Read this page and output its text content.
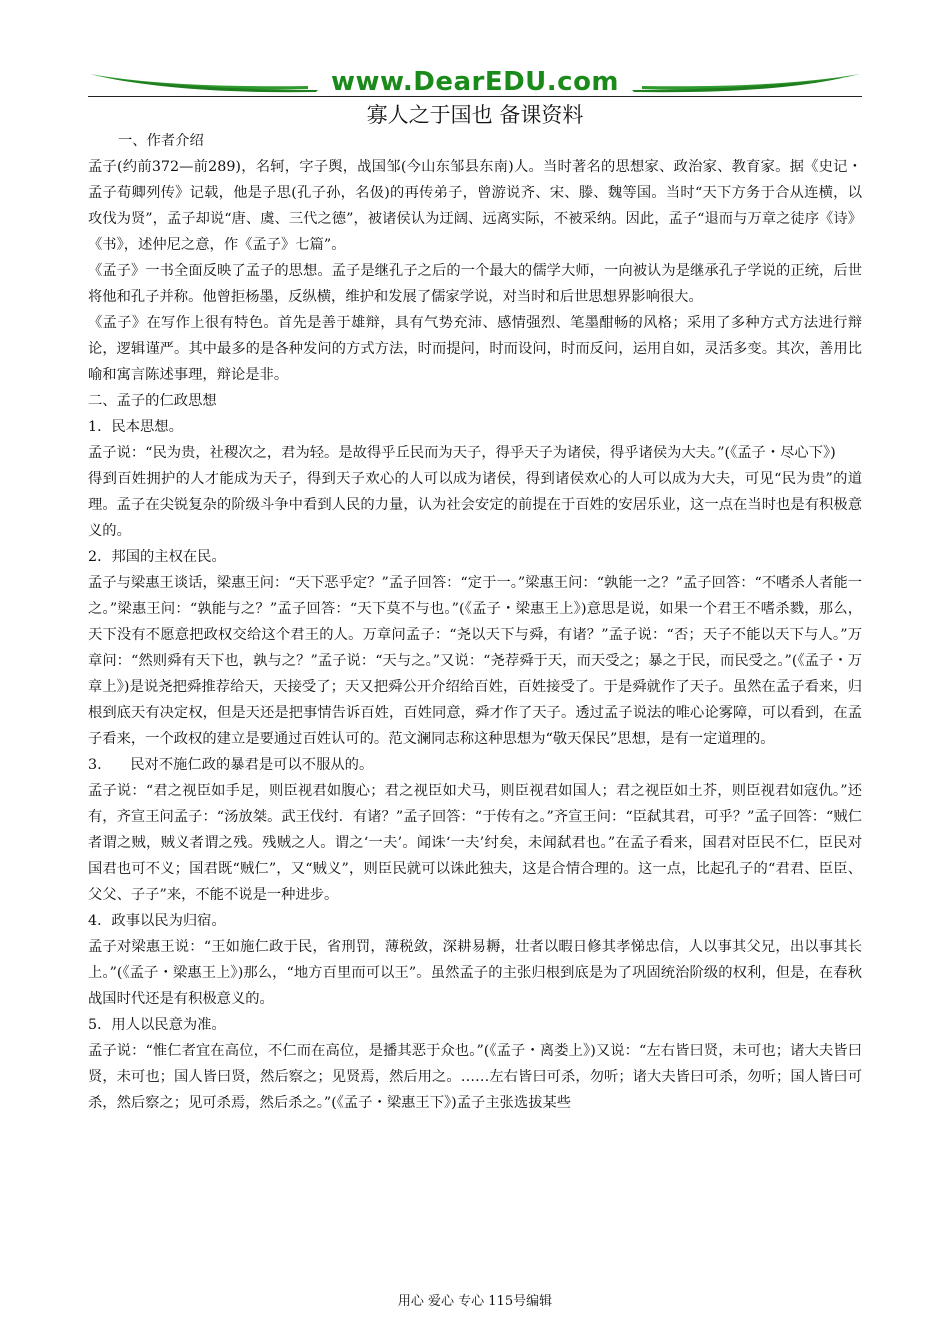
www.DearEDU.com
寡人之于国也 备课资料

一、作者介绍

孟子(约前372—前289)，名轲，字子舆，战国邹(今山东邹县东南)人。当时著名的思想家、政治家、教育家。据《史记・孟子荀卿列传》记载，他是子思(孔子孙，名伋)的再传弟子，曾游说齐、宋、滕、魏等国。当时“天下方务于合从连横，以攻伐为贤”，孟子却说“唐、虞、三代之德”，被诸侯认为迂阔、远离实际，不被采纳。因此，孟子“退而与万章之徒序《诗》《书》，述仲尼之意，作《孟子》七篇”。

《孟子》一书全面反映了孟子的思想。孟子是继孔子之后的一个最大的儒学大师，一向被认为是继承孔子学说的正统，后世将他和孔子并称。他曾拒杨墨，反纵横，维护和发展了儒家学说，对当时和后世思想界影响很大。

《孟子》在写作上很有特色。首先是善于雄辩，具有气势充沛、感情强烈、笔墨酣畅的风格；采用了多种方式方法进行辩论，逻辑谨严。其中最多的是各种发问的方式方法，时而提问，时而设问，时而反问，运用自如，灵活多变。其次，善用比喻和寓言陈述事理，辩论是非。

二、孟子的仁政思想

1．民本思想。

孟子说：“民为贵，社稷次之，君为轻。是故得乎丘民而为天子，得乎天子为诸侯，得乎诸侯为大夫。”(《孟子・尽心下》)

得到百姓拥护的人才能成为天子，得到天子欢心的人可以成为诸侯，得到诸侯欢心的人可以成为大夫，可见“民为贵”的道理。孟子在尖锐复杂的阶级斗争中看到人民的力量，认为社会安定的前提在于百姓的安居乐业，这一点在当时也是有积极意义的。

2．邦国的主权在民。

孟子与梁惠王谈话，梁惠王问：“天下恶乎定？”孟子回答：“定于一。”梁惠王问：“孰能一之？”孟子回答：“不嗜杀人者能一之。”梁惠王问：“孰能与之？”孟子回答：“天下莫不与也。”(《孟子・梁惠王上》)意思是说，如果一个君王不嗜杀戮，那么，天下没有不愿意把政权交给这个君王的人。万章问孟子：“尧以天下与舜，有诸？”孟子说：“否；天子不能以天下与人。”万章问：“然则舜有天下也，孰与之？”孟子说：“天与之。”又说：“尧荐舜于天，而天受之；暴之于民，而民受之。”(《孟子・万章上》)是说尧把舜推荐给天，天接受了；天又把舜公开介绍给百姓，百姓接受了。于是舜就作了天子。虽然在孟子看来，归根到底天有决定权，但是天还是把事情告诉百姓，百姓同意，舜才作了天子。透过孟子说法的唯心论雾障，可以看到，在孟子看来，一个政权的建立是要通过百姓认可的。范文澜同志称这种思想为“敬天保民”思想，是有一定道理的。

3.　　民对不施仁政的暴君是可以不服从的。

孟子说：“君之视臣如手足，则臣视君如腹心；君之视臣如犬马，则臣视君如国人；君之视臣如土芥，则臣视君如寇仇。”还有，齐宣王问孟子：“汤放桀。武王伐纣．有诸？”孟子回答：“于传有之。”齐宣王问：“臣弑其君，可乎？”孟子回答：“贼仁者谓之贼，贼义者谓之残。残贼之人。谓之‘一夫’。闻诛‘一夫’纣矣，未闻弑君也。”在孟子看来，国君对臣民不仁，臣民对国君也可不义；国君既“贼仁”，又“贼义”，则臣民就可以诛此独夫，这是合情合理的。这一点，比起孔子的“君君、臣臣、父父、子子”来，不能不说是一种进步。

4．政事以民为归宿。

孟子对梁惠王说：“王如施仁政于民，省刑罚，薄税敛，深耕易耨，壮者以暇日修其孝悌忠信，人以事其父兄，出以事其长上。”(《孟子・梁惠王上》)那么，“地方百里而可以王”。虽然孟子的主张归根到底是为了巩固统治阶级的权利，但是，在春秋战国时代还是有积极意义的。

5．用人以民意为准。

孟子说：“惟仁者宜在高位，不仁而在高位，是播其恶于众也。”(《孟子・离娄上》)又说：“左右皆曰贤，未可也；诸大夫皆曰贤，未可也；国人皆曰贤，然后察之；见贤焉，然后用之。……左右皆曰可杀，勿听；诸大夫皆曰可杀，勿听；国人皆曰可杀，然后察之；见可杀焉，然后杀之。”(《孟子・梁惠王下》)孟子主张选拔某些

用心 爱心 专心 115号编辑
